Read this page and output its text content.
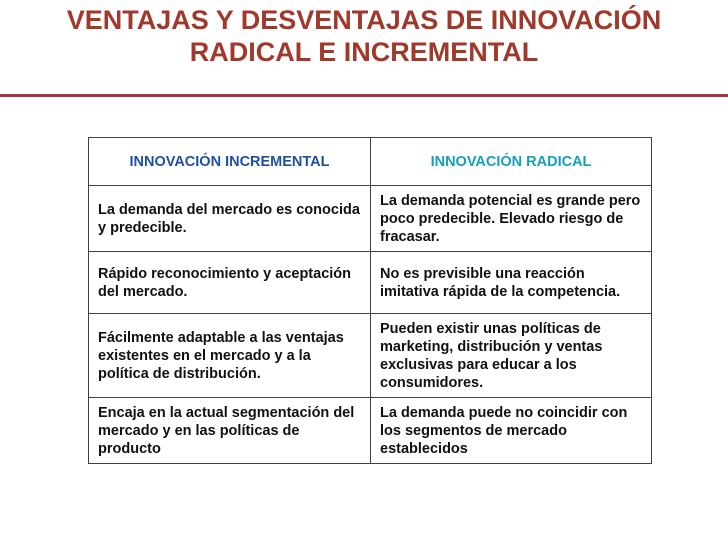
VENTAJAS Y DESVENTAJAS DE INNOVACIÓN
RADICAL E INCREMENTAL
INNOVACIÓN INCREMENTAL	INNOVACIÓN RADICAL
La demanda del mercado es conocida y predecible.	La demanda potencial es grande pero poco predecible. Elevado riesgo de fracasar.
Rápido reconocimiento y aceptación del mercado.	No es previsible una reacción imitativa rápida de la competencia.
Fácilmente adaptable a las ventajas existentes en el mercado y a la política de distribución.	Pueden existir unas políticas de marketing, distribución y ventas exclusivas para educar a los consumidores.
Encaja en la actual segmentación del mercado y en las políticas de producto	La demanda puede no coincidir con los segmentos de mercado establecidos
